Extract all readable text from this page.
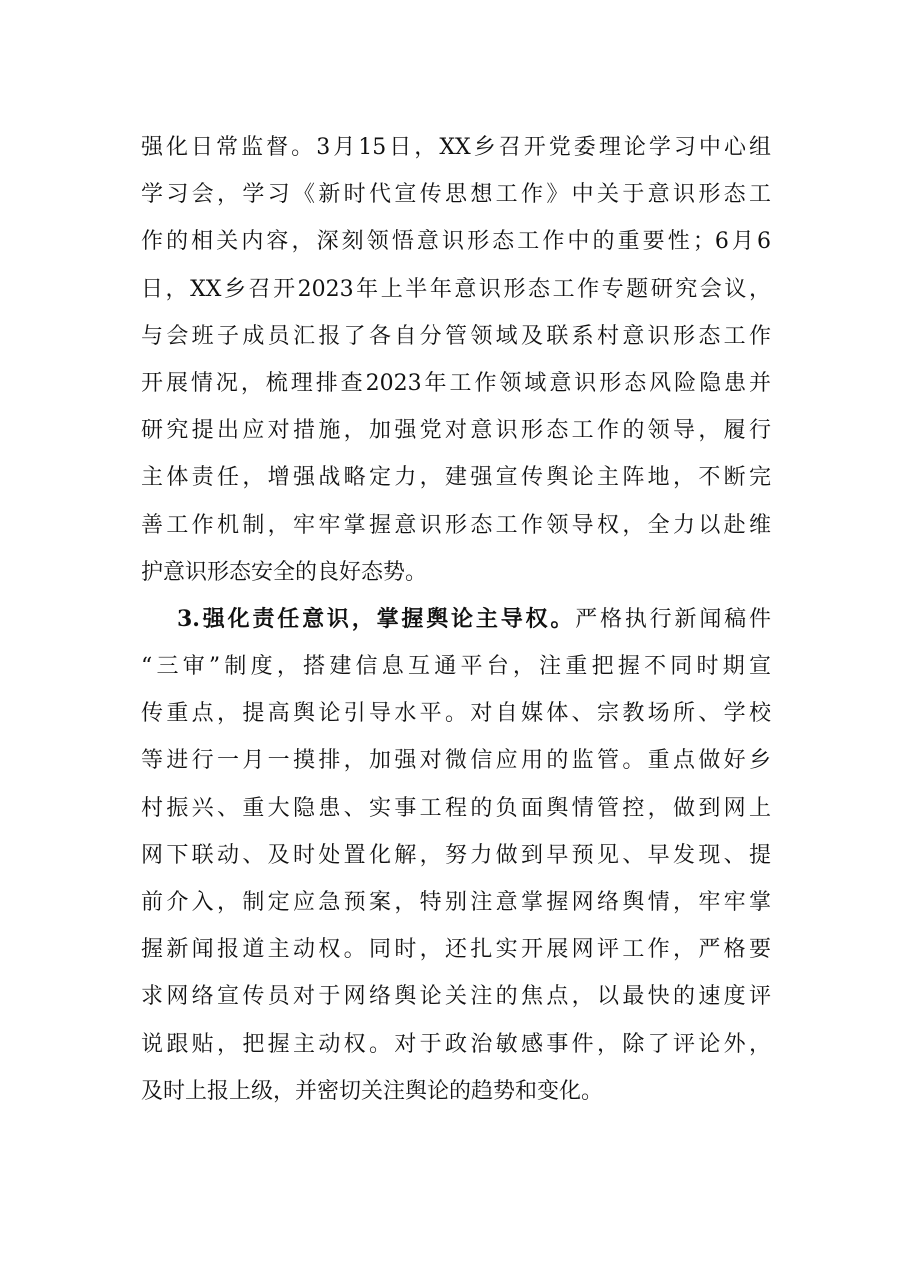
强化日常监督。3月15日，XX乡召开党委理论学习中心组
学习会，学习《新时代宣传思想工作》中关于意识形态工
作的相关内容，深刻领悟意识形态工作中的重要性；6月6
日，XX乡召开2023年上半年意识形态工作专题研究会议，
与会班子成员汇报了各自分管领域及联系村意识形态工作
开展情况，梳理排查2023年工作领域意识形态风险隐患并
研究提出应对措施，加强党对意识形态工作的领导，履行
主体责任，增强战略定力，建强宣传舆论主阵地，不断完
善工作机制，牢牢掌握意识形态工作领导权，全力以赴维
护意识形态安全的良好态势。
3.强化责任意识，掌握舆论主导权。严格执行新闻稿件
“三审”制度，搭建信息互通平台，注重把握不同时期宣
传重点，提高舆论引导水平。对自媒体、宗教场所、学校
等进行一月一摸排，加强对微信应用的监管。重点做好乡
村振兴、重大隐患、实事工程的负面舆情管控，做到网上
网下联动、及时处置化解，努力做到早预见、早发现、提
前介入，制定应急预案，特别注意掌握网络舆情，牢牢掌
握新闻报道主动权。同时，还扎实开展网评工作，严格要
求网络宣传员对于网络舆论关注的焦点，以最快的速度评
说跟贴，把握主动权。对于政治敏感事件，除了评论外，
及时上报上级，并密切关注舆论的趋势和变化。
